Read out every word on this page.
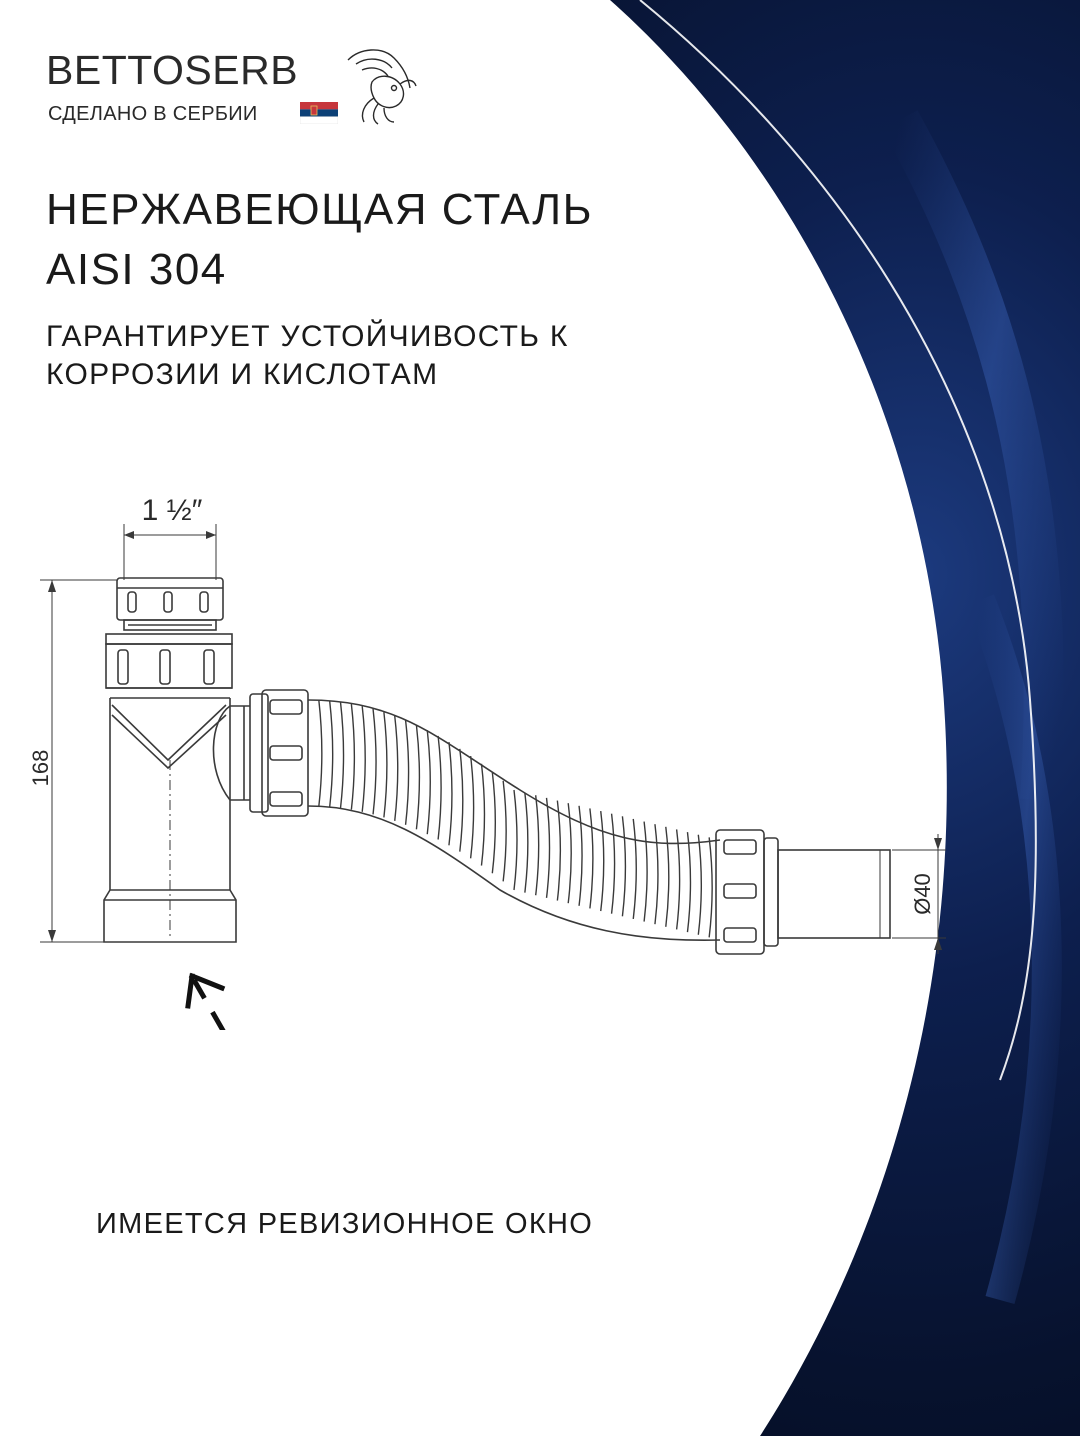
BETTOSERB
СДЕЛАНО В СЕРБИИ
НЕРЖАВЕЮЩАЯ СТАЛЬ
AISI 304
ГАРАНТИРУЕТ УСТОЙЧИВОСТЬ К
КОРРОЗИИ И КИСЛОТАМ
1 ½″
168
Ø40
ИМЕЕТСЯ РЕВИЗИОННОЕ ОКНО
